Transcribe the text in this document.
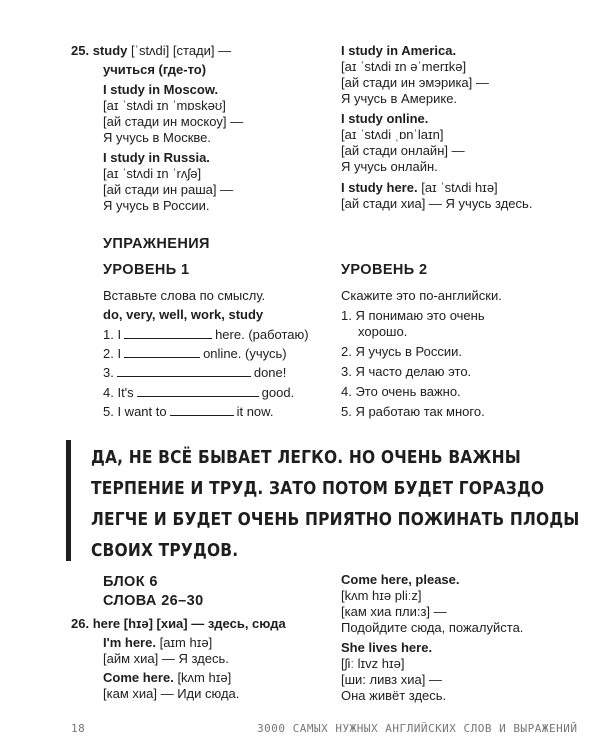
25. study [ˈstʌdi] [стади] —
учиться (где-то)
I study in Moscow.
[aɪ ˈstʌdi ɪn ˈmɒskəʊ]
[ай стади ин москоу] —
Я учусь в Москве.
I study in Russia.
[aɪ ˈstʌdi ɪn ˈrʌʃə]
[ай стади ин раша] —
Я учусь в России.
I study in America.
[aɪ ˈstʌdi ɪn əˈmerɪkə]
[ай стади ин эмэрика] —
Я учусь в Америке.
I study online.
[aɪ ˈstʌdi ˌɒnˈlaɪn]
[ай стади онлайн] —
Я учусь онлайн.
I study here. [aɪ ˈstʌdi hɪə]
[ай стади хиа] — Я учусь здесь.
УПРАЖНЕНИЯ
УРОВЕНЬ 1
Вставьте слова по смыслу.
do, very, well, work, study
1. I	here. (работаю)
2. I	online. (учусь)
3.	done!
4. It's	good.
5. I want to	it now.
УРОВЕНЬ 2
Скажите это по-английски.
1. Я понимаю это очень
хорошо.
2. Я учусь в России.
3. Я часто делаю это.
4. Это очень важно.
5. Я работаю так много.
ДА, НЕ ВСЁ БЫВАЕТ ЛЕГКО. НО ОЧЕНЬ ВАЖНЫ
ТЕРПЕНИЕ И ТРУД. ЗАТО ПОТОМ БУДЕТ ГОРАЗДО
ЛЕГЧЕ И БУДЕТ ОЧЕНЬ ПРИЯТНО ПОЖИНАТЬ ПЛОДЫ
СВОИХ ТРУДОВ.
БЛОК 6
СЛОВА 26–30
26. here [hɪə] [хиа] — здесь, сюда
I'm here. [aɪm hɪə]
[айм хиа] — Я здесь.
Come here. [kʌm hɪə]
[кам хиа] — Иди сюда.
Come here, please.
[kʌm hɪə pliːz]
[кам хиа пли:з] —
Подойдите сюда, пожалуйста.
She lives here.
[ʃiː lɪvz hɪə]
[ши: ливз хиа] —
Она живёт здесь.
18	3000 САМЫХ НУЖНЫХ АНГЛИЙСКИХ СЛОВ И ВЫРАЖЕНИЙ
